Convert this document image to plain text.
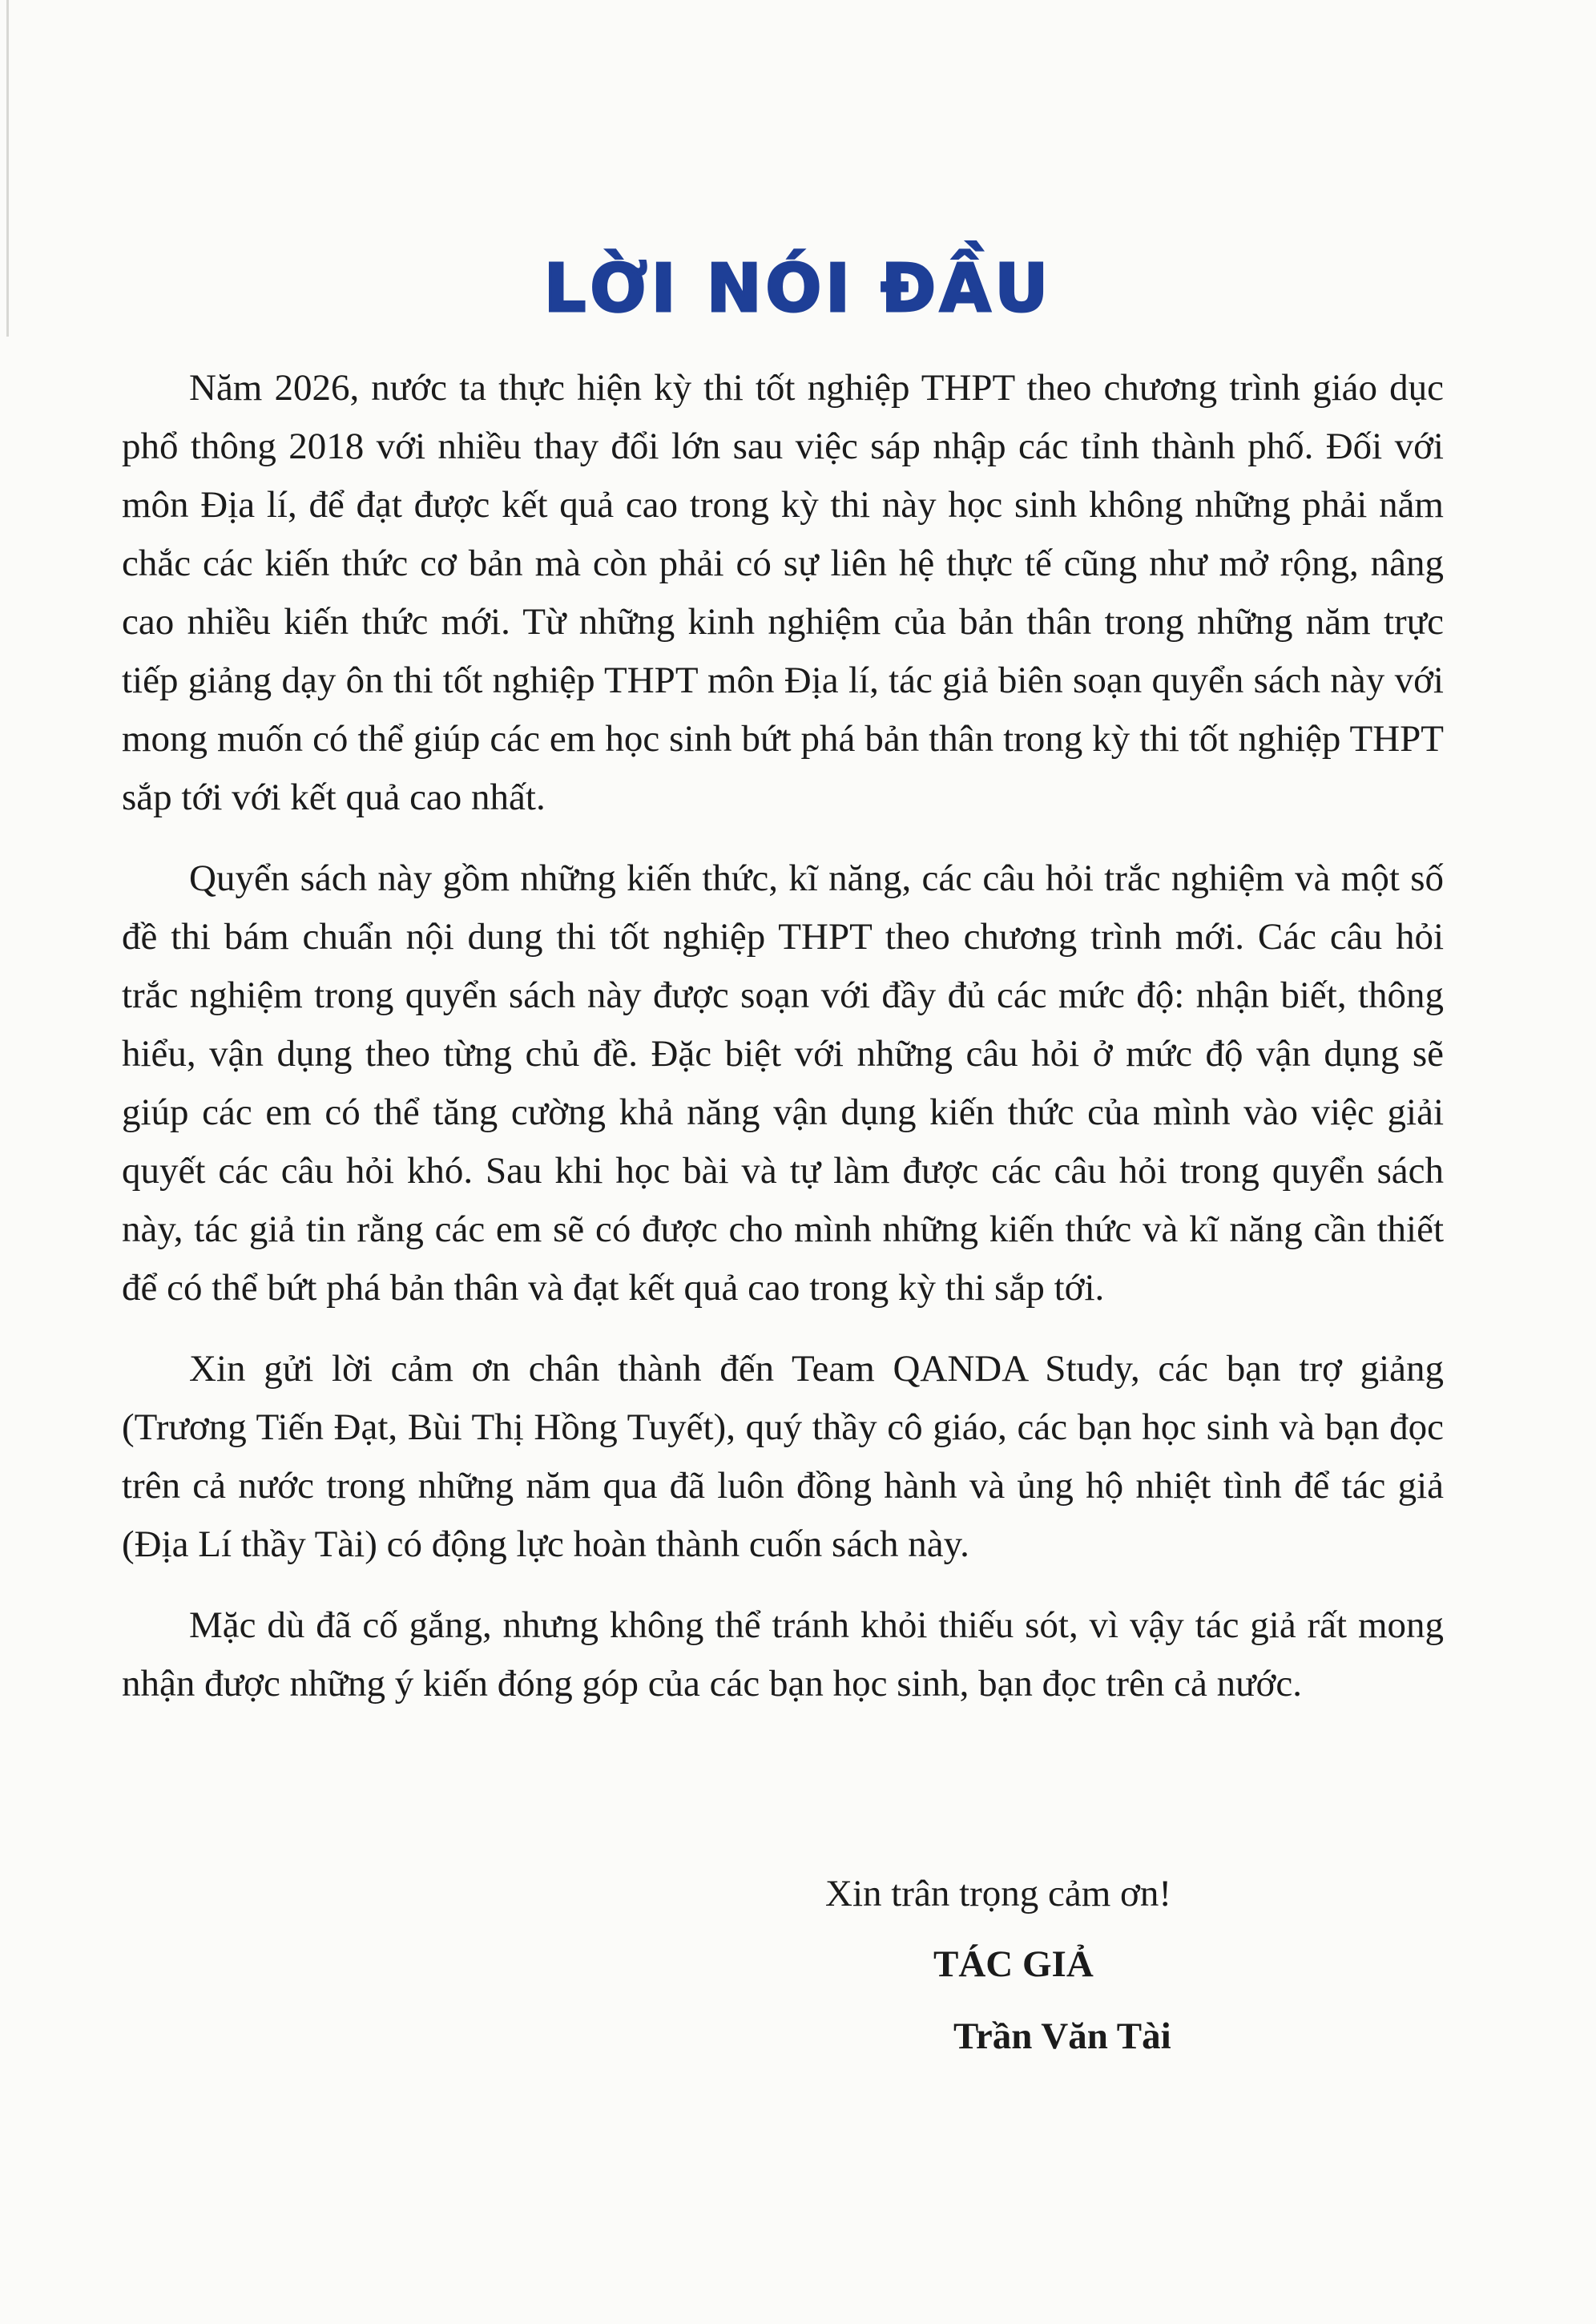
LỜI NÓI ĐẦU

Năm 2026, nước ta thực hiện kỳ thi tốt nghiệp THPT theo chương trình giáo dục phổ thông 2018 với nhiều thay đổi lớn sau việc sáp nhập các tỉnh thành phố. Đối với môn Địa lí, để đạt được kết quả cao trong kỳ thi này học sinh không những phải nắm chắc các kiến thức cơ bản mà còn phải có sự liên hệ thực tế cũng như mở rộng, nâng cao nhiều kiến thức mới. Từ những kinh nghiệm của bản thân trong những năm trực tiếp giảng dạy ôn thi tốt nghiệp THPT môn Địa lí, tác giả biên soạn quyển sách này với mong muốn có thể giúp các em học sinh bứt phá bản thân trong kỳ thi tốt nghiệp THPT sắp tới với kết quả cao nhất.

Quyển sách này gồm những kiến thức, kĩ năng, các câu hỏi trắc nghiệm và một số đề thi bám chuẩn nội dung thi tốt nghiệp THPT theo chương trình mới. Các câu hỏi trắc nghiệm trong quyển sách này được soạn với đầy đủ các mức độ: nhận biết, thông hiểu, vận dụng theo từng chủ đề. Đặc biệt với những câu hỏi ở mức độ vận dụng sẽ giúp các em có thể tăng cường khả năng vận dụng kiến thức của mình vào việc giải quyết các câu hỏi khó. Sau khi học bài và tự làm được các câu hỏi trong quyển sách này, tác giả tin rằng các em sẽ có được cho mình những kiến thức và kĩ năng cần thiết để có thể bứt phá bản thân và đạt kết quả cao trong kỳ thi sắp tới.

Xin gửi lời cảm ơn chân thành đến Team QANDA Study, các bạn trợ giảng (Trương Tiến Đạt, Bùi Thị Hồng Tuyết), quý thầy cô giáo, các bạn học sinh và bạn đọc trên cả nước trong những năm qua đã luôn đồng hành và ủng hộ nhiệt tình để tác giả (Địa Lí thầy Tài) có động lực hoàn thành cuốn sách này.

Mặc dù đã cố gắng, nhưng không thể tránh khỏi thiếu sót, vì vậy tác giả rất mong nhận được những ý kiến đóng góp của các bạn học sinh, bạn đọc trên cả nước.

Xin trân trọng cảm ơn!
TÁC GIẢ
Trần Văn Tài
